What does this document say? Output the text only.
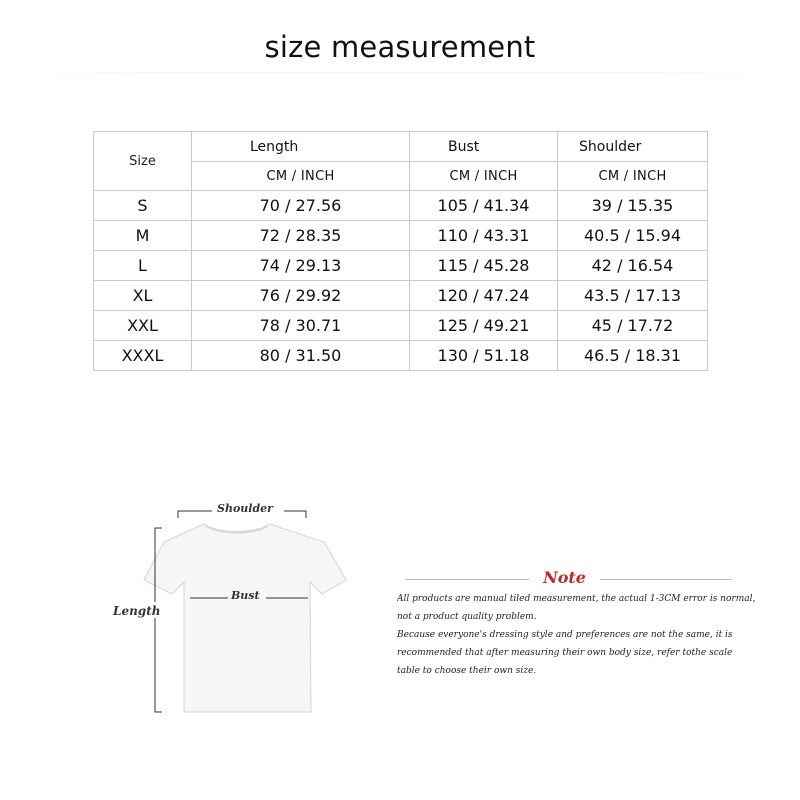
size measurement
Size	Length	Bust	Shoulder
	CM / INCH	CM / INCH	CM / INCH
S	70 / 27.56	105 / 41.34	39 / 15.35
M	72 / 28.35	110 / 43.31	40.5 / 15.94
L	74 / 29.13	115 / 45.28	42 / 16.54
XL	76 / 29.92	120 / 47.24	43.5 / 17.13
XXL	78 / 30.71	125 / 49.21	45 / 17.72
XXXL	80 / 31.50	130 / 51.18	46.5 / 18.31
Shoulder
Bust
Length
Note
All products are manual tiled measurement, the actual 1-3CM error is normal,
not a product quality problem.
Because everyone's dressing style and preferences are not the same, it is
recommended that after measuring their own body size, refer tothe scale
table to choose their own size.
